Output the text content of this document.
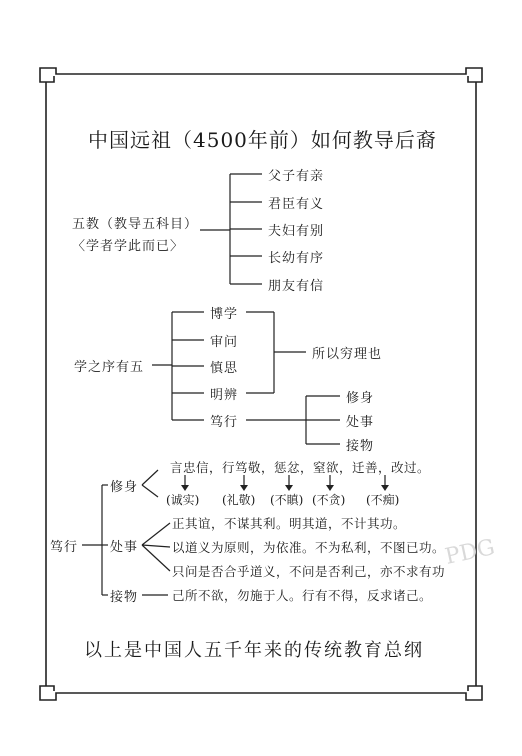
PDG
中国远祖（4500年前）如何教导后裔
五教（教导五科目）
〈学者学此而已〉
父子有亲
君臣有义
夫妇有别
长幼有序
朋友有信
学之序有五
博学
审问
慎思
明辨
笃行
所以穷理也
修身
处事
接物
笃行
修身
言忠信，行笃敬，惩忿，窒欲，迁善，改过。
(诚实) (礼敬) (不瞋) (不贪) (不痴)
处事
正其谊，不谋其利。明其道，不计其功。
以道义为原则，为依准。不为私利，不图已功。
只问是否合乎道义，不问是否利己，亦不求有功
接物	己所不欲，勿施于人。行有不得，反求诸己。
以上是中国人五千年来的传统教育总纲
